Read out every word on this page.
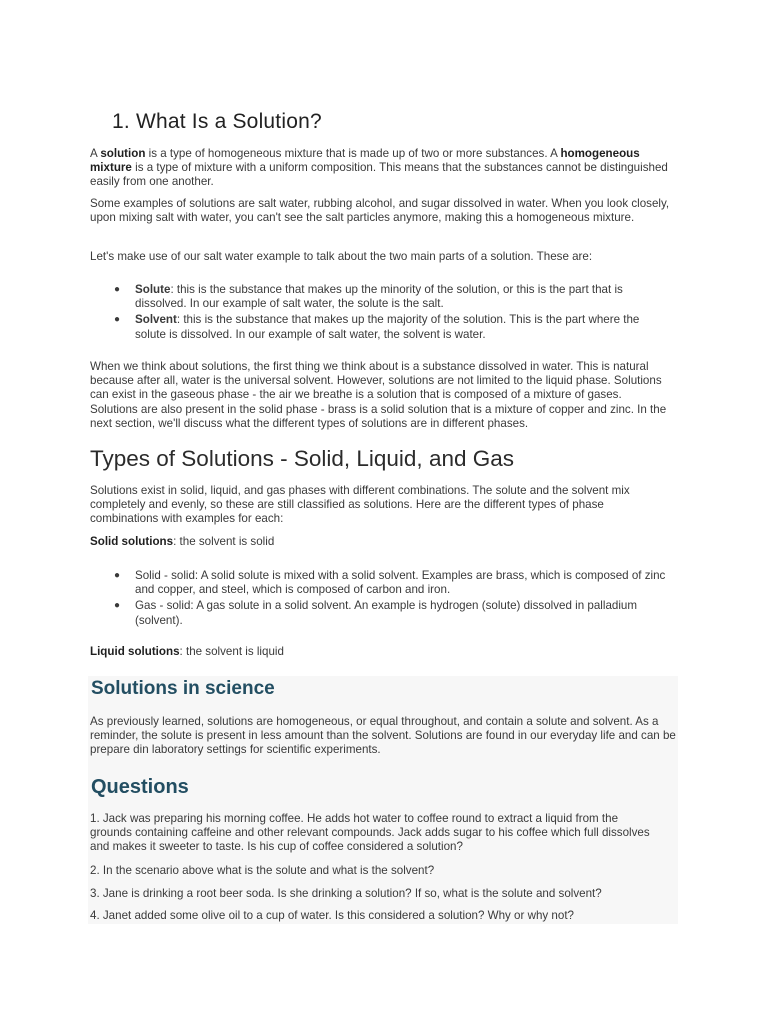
1. What Is a Solution?

A solution is a type of homogeneous mixture that is made up of two or more substances. A homogeneous mixture is a type of mixture with a uniform composition. This means that the substances cannot be distinguished easily from one another.

Some examples of solutions are salt water, rubbing alcohol, and sugar dissolved in water. When you look closely, upon mixing salt with water, you can't see the salt particles anymore, making this a homogeneous mixture.

Let's make use of our salt water example to talk about the two main parts of a solution. These are:

● Solute: this is the substance that makes up the minority of the solution, or this is the part that is dissolved. In our example of salt water, the solute is the salt.
● Solvent: this is the substance that makes up the majority of the solution. This is the part where the solute is dissolved. In our example of salt water, the solvent is water.

When we think about solutions, the first thing we think about is a substance dissolved in water. This is natural because after all, water is the universal solvent. However, solutions are not limited to the liquid phase. Solutions can exist in the gaseous phase - the air we breathe is a solution that is composed of a mixture of gases. Solutions are also present in the solid phase - brass is a solid solution that is a mixture of copper and zinc. In the next section, we'll discuss what the different types of solutions are in different phases.

Types of Solutions - Solid, Liquid, and Gas

Solutions exist in solid, liquid, and gas phases with different combinations. The solute and the solvent mix completely and evenly, so these are still classified as solutions. Here are the different types of phase combinations with examples for each:

Solid solutions: the solvent is solid

● Solid - solid: A solid solute is mixed with a solid solvent. Examples are brass, which is composed of zinc and copper, and steel, which is composed of carbon and iron.
● Gas - solid: A gas solute in a solid solvent. An example is hydrogen (solute) dissolved in palladium (solvent).

Liquid solutions: the solvent is liquid

Solutions in science

As previously learned, solutions are homogeneous, or equal throughout, and contain a solute and solvent. As a reminder, the solute is present in less amount than the solvent. Solutions are found in our everyday life and can be prepare din laboratory settings for scientific experiments.

Questions

1. Jack was preparing his morning coffee. He adds hot water to coffee round to extract a liquid from the grounds containing caffeine and other relevant compounds. Jack adds sugar to his coffee which full dissolves and makes it sweeter to taste. Is his cup of coffee considered a solution?

2. In the scenario above what is the solute and what is the solvent?

3. Jane is drinking a root beer soda. Is she drinking a solution? If so, what is the solute and solvent?

4. Janet added some olive oil to a cup of water. Is this considered a solution? Why or why not?
